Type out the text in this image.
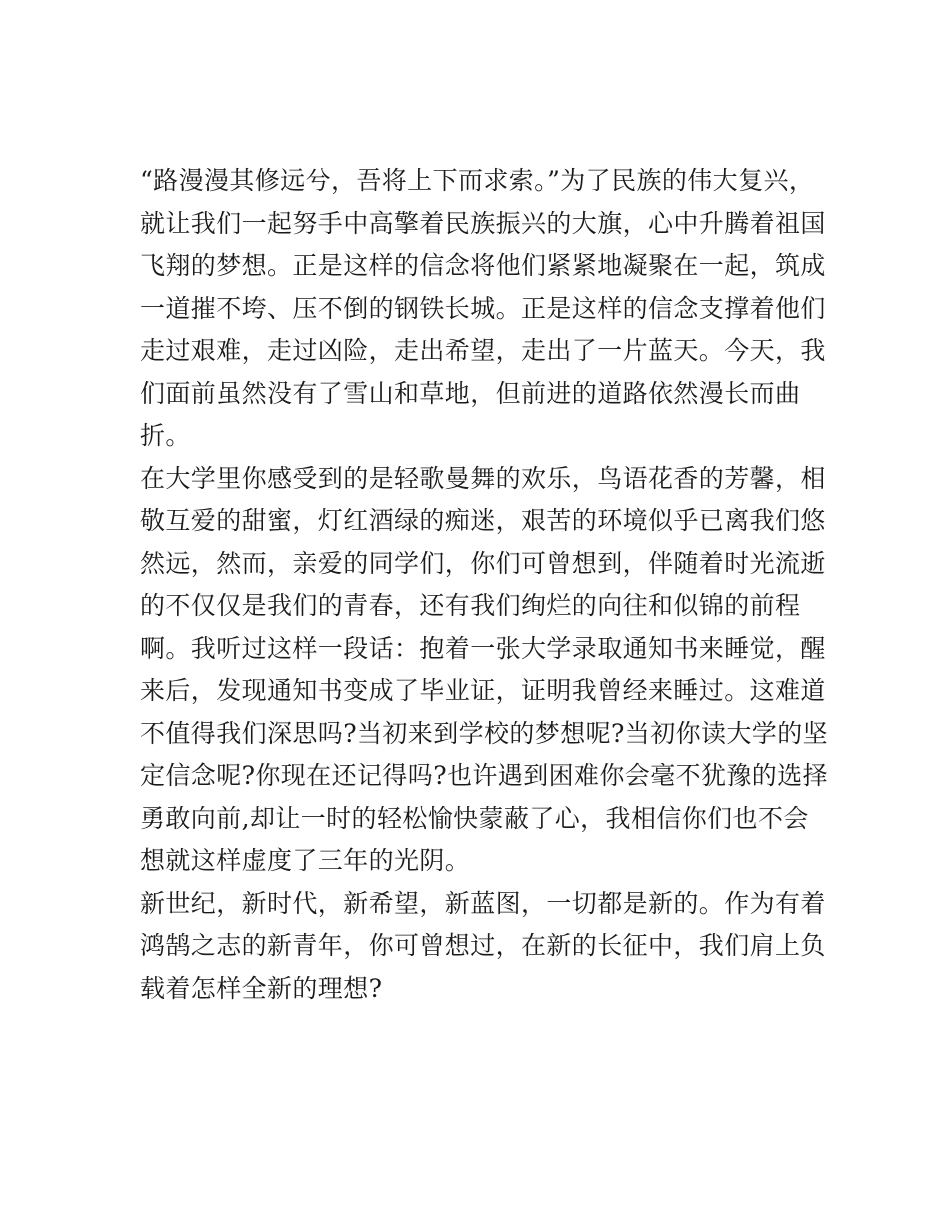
“路漫漫其修远兮，吾将上下而求索。”为了民族的伟大复兴，
就让我们一起努手中高擎着民族振兴的大旗，心中升腾着祖国
飞翔的梦想。正是这样的信念将他们紧紧地凝聚在一起，筑成
一道摧不垮、压不倒的钢铁长城。正是这样的信念支撑着他们
走过艰难，走过凶险，走出希望，走出了一片蓝天。今天，我
们面前虽然没有了雪山和草地，但前进的道路依然漫长而曲
折。
在大学里你感受到的是轻歌曼舞的欢乐，鸟语花香的芳馨，相
敬互爱的甜蜜，灯红酒绿的痴迷，艰苦的环境似乎已离我们悠
然远，然而，亲爱的同学们，你们可曾想到，伴随着时光流逝
的不仅仅是我们的青春，还有我们绚烂的向往和似锦的前程
啊。我听过这样一段话：抱着一张大学录取通知书来睡觉，醒
来后，发现通知书变成了毕业证，证明我曾经来睡过。这难道
不值得我们深思吗?当初来到学校的梦想呢?当初你读大学的坚
定信念呢?你现在还记得吗?也许遇到困难你会毫不犹豫的选择
勇敢向前,却让一时的轻松愉快蒙蔽了心，我相信你们也不会
想就这样虚度了三年的光阴。
新世纪，新时代，新希望，新蓝图，一切都是新的。作为有着
鸿鹄之志的新青年，你可曾想过，在新的长征中，我们肩上负
载着怎样全新的理想?
